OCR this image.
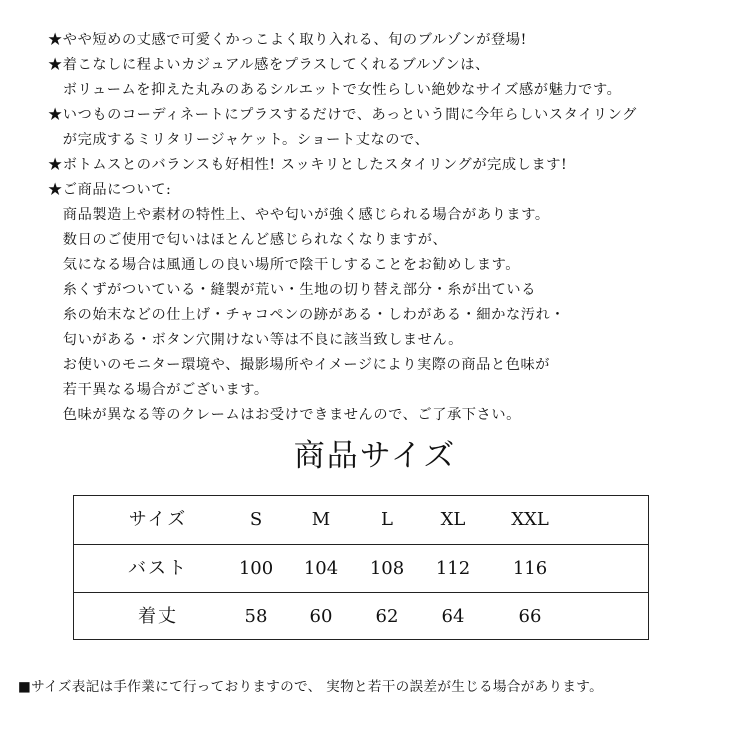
★やや短めの丈感で可愛くかっこよく取り入れる、旬のブルゾンが登場!
★着こなしに程よいカジュアル感をプラスしてくれるブルゾンは、
　ボリュームを抑えた丸みのあるシルエットで女性らしい絶妙なサイズ感が魅力です。
★いつものコーディネートにプラスするだけで、あっという間に今年らしいスタイリング
　が完成するミリタリージャケット。ショート丈なので、
★ボトムスとのバランスも好相性! スッキリとしたスタイリングが完成します!
★ご商品について:
　商品製造上や素材の特性上、やや匂いが強く感じられる場合があります。
　数日のご使用で匂いはほとんど感じられなくなりますが、
　気になる場合は風通しの良い場所で陰干しすることをお勧めします。
　糸くずがついている・縫製が荒い・生地の切り替え部分・糸が出ている
　糸の始末などの仕上げ・チャコペンの跡がある・しわがある・細かな汚れ・
　匂いがある・ボタン穴開けない等は不良に該当致しません。
　お使いのモニター環境や、撮影場所やイメージにより実際の商品と色味が
　若干異なる場合がございます。
　色味が異なる等のクレームはお受けできませんので、ご了承下さい。
商品サイズ
サイズ	S	M	L	XL	XXL
バスト	100	104	108	112	116
着丈	58	60	62	64	66
■サイズ表記は手作業にて行っておりますので、 実物と若干の誤差が生じる場合があります。
